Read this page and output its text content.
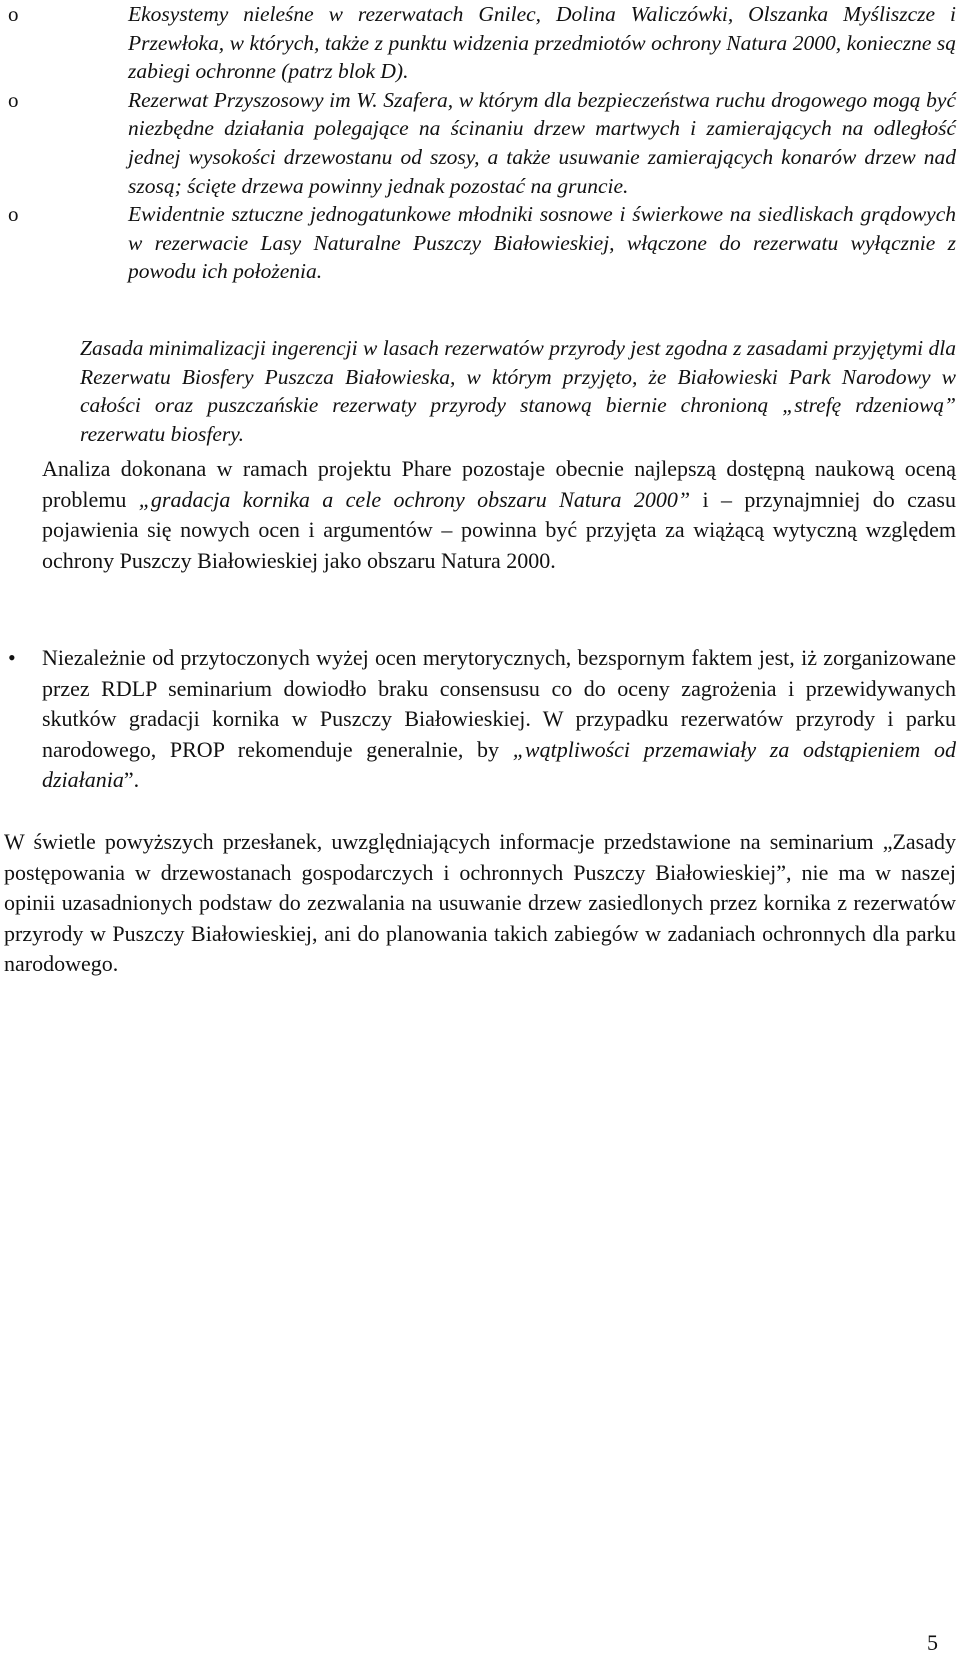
o	Ekosystemy nieleśne w rezerwatach Gnilec, Dolina Waliczówki, Olszanka Myśliszcze i Przewłoka, w których, także z punktu widzenia przedmiotów ochrony Natura 2000, konieczne są zabiegi ochronne (patrz blok D).
o	Rezerwat Przyszosowy im W. Szafera, w którym dla bezpieczeństwa ruchu drogowego mogą być niezbędne działania polegające na ścinaniu drzew martwych i zamierających na odległość jednej wysokości drzewostanu od szosy, a także usuwanie zamierających konarów drzew nad szosą; ścięte drzewa powinny jednak pozostać na gruncie.
o	Ewidentnie sztuczne jednogatunkowe młodniki sosnowe i świerkowe na siedliskach grądowych w rezerwacie Lasy Naturalne Puszczy Białowieskiej, włączone do rezerwatu wyłącznie z powodu ich położenia.
Zasada minimalizacji ingerencji w lasach rezerwatów przyrody jest zgodna z zasadami przyjętymi dla Rezerwatu Biosfery Puszcza Białowieska, w którym przyjęto, że Białowieski Park Narodowy w całości oraz puszczańskie rezerwaty przyrody stanową biernie chronioną „strefę rdzeniową” rezerwatu biosfery.
Analiza dokonana w ramach projektu Phare pozostaje obecnie najlepszą dostępną naukową oceną problemu „gradacja kornika a cele ochrony obszaru Natura 2000” i – przynajmniej do czasu pojawienia się nowych ocen i argumentów – powinna być przyjęta za wiążącą wytyczną względem ochrony Puszczy Białowieskiej jako obszaru Natura 2000.
• Niezależnie od przytoczonych wyżej ocen merytorycznych, bezspornym faktem jest, iż zorganizowane przez RDLP seminarium dowiodło braku consensusu co do oceny zagrożenia i przewidywanych skutków gradacji kornika w Puszczy Białowieskiej. W przypadku rezerwatów przyrody i parku narodowego, PROP rekomenduje generalnie, by „wątpliwości przemawiały za odstąpieniem od działania”.
W świetle powyższych przesłanek, uwzględniających informacje przedstawione na seminarium „Zasady postępowania w drzewostanach gospodarczych i ochronnych Puszczy Białowieskiej”, nie ma w naszej opinii uzasadnionych podstaw do zezwalania na usuwanie drzew zasiedlonych przez kornika z rezerwatów przyrody w Puszczy Białowieskiej, ani do planowania takich zabiegów w zadaniach ochronnych dla parku narodowego.
5
